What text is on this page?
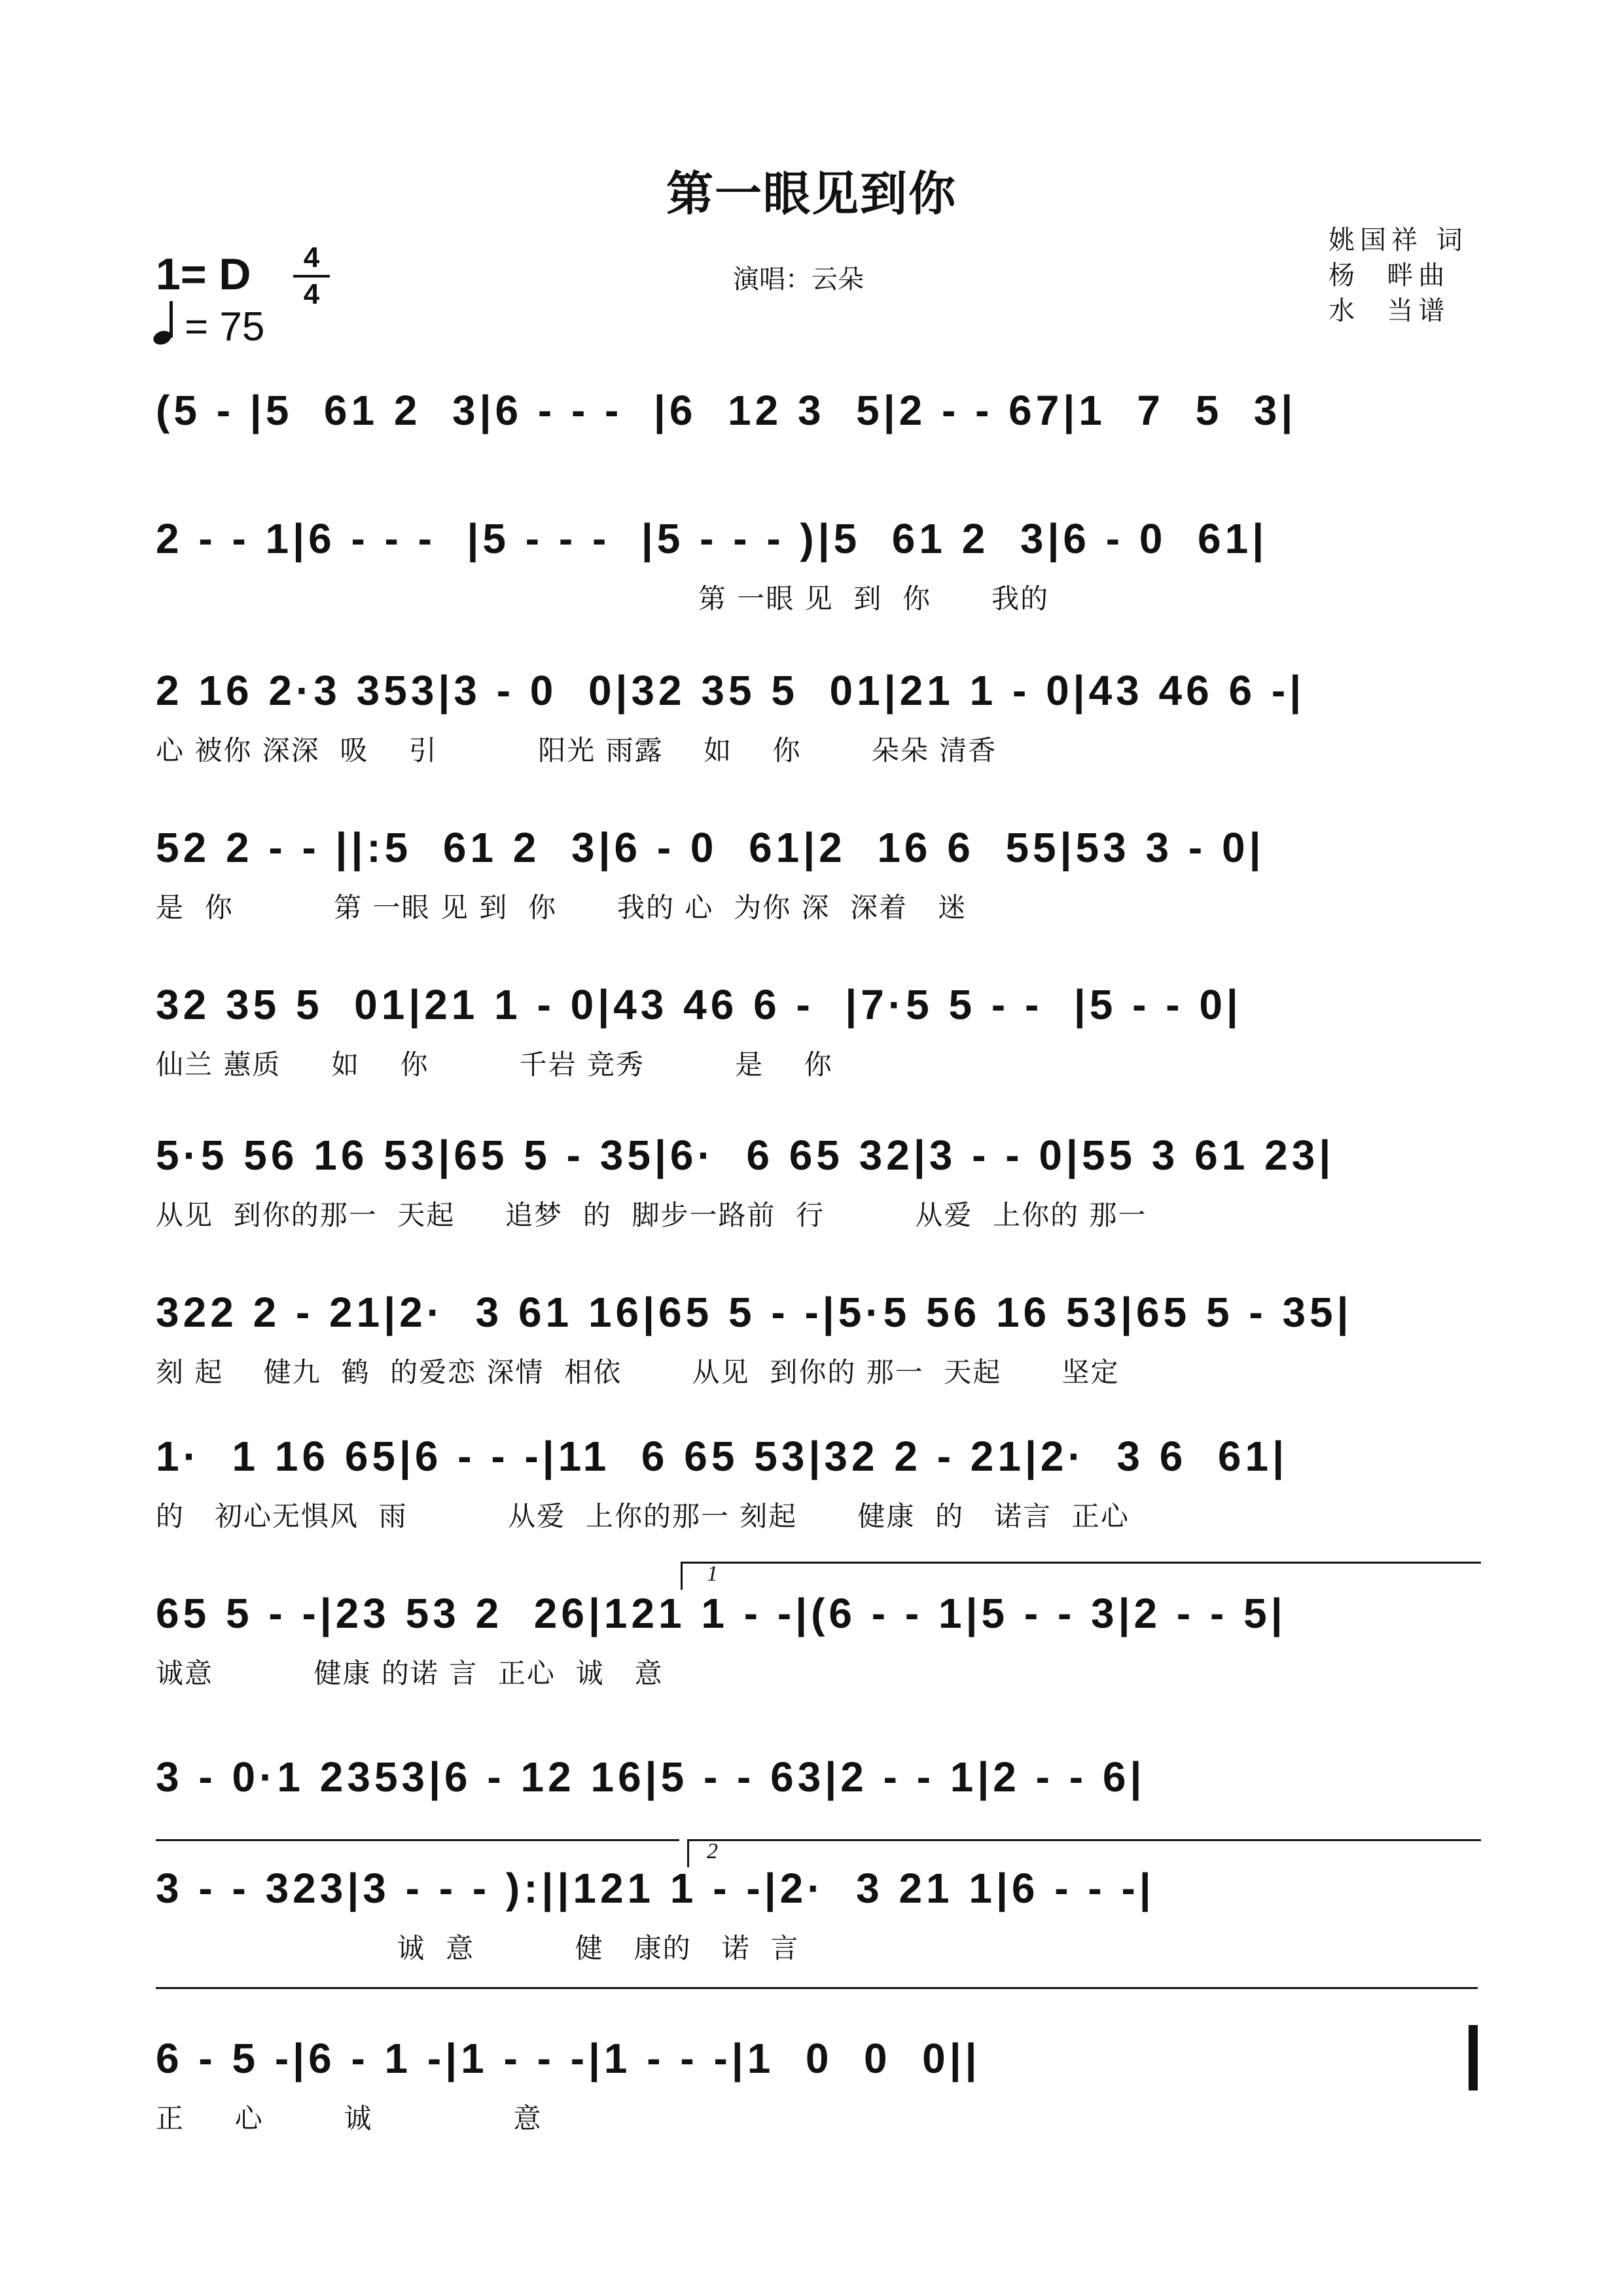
第一眼见到你
1= D	4
4
= 75
演唱：云朵
姚国祥 词
杨  畔曲
水  当谱
(5 - |5  61 2  3|6 - - -  |6  12 3  5|2 - - 67|1  7  5  3|
2 - - 1|6 - - -  |5 - - -  |5 - - - )|5  61 2  3|6 - 0  61|
第 一眼 见  到  你      我的
2 16 2·3 353|3 - 0  0|32 35 5  01|21 1 - 0|43 46 6 -|
心 被你 深深  吸    引          阳光 雨露    如    你       朵朵 清香
52 2 - - ||:5  61 2  3|6 - 0  61|2  16 6  55|53 3 - 0|
是  你          第 一眼 见 到  你      我的 心  为你 深  深着   迷
32 35 5  01|21 1 - 0|43 46 6 -  |7·5 5 - -  |5 - - 0|
仙兰 蕙质     如    你         千岩 竞秀         是    你
5·5 56 16 53|65 5 - 35|6·  6 65 32|3 - - 0|55 3 61 23|
从见  到你的那一  天起     追梦  的  脚步一路前  行         从爱  上你的 那一
322 2 - 21|2·  3 61 16|65 5 - -|5·5 56 16 53|65 5 - 35|
刻 起    健九  鹤  的爱恋 深情  相依       从见  到你的 那一  天起      坚定
1·  1 16 65|6 - - -|11  6 65 53|32 2 - 21|2·  3 6  61|
的   初心无惧风  雨          从爱  上你的那一 刻起      健康  的   诺言  正心
1
65 5 - -|23 53 2  26|121 1 - -|(6 - - 1|5 - - 3|2 - - 5|
诚意          健康 的诺 言  正心  诚   意
3 - 0·1 2353|6 - 12 16|5 - - 63|2 - - 1|2 - - 6|
2
3 - - 323|3 - - - ):||121 1 - -|2·  3 21 1|6 - - -|
诚  意          健   康的   诺  言
6 - 5 -|6 - 1 -|1 - - -|1 - - -|1  0  0  0||
正     心        诚              意
